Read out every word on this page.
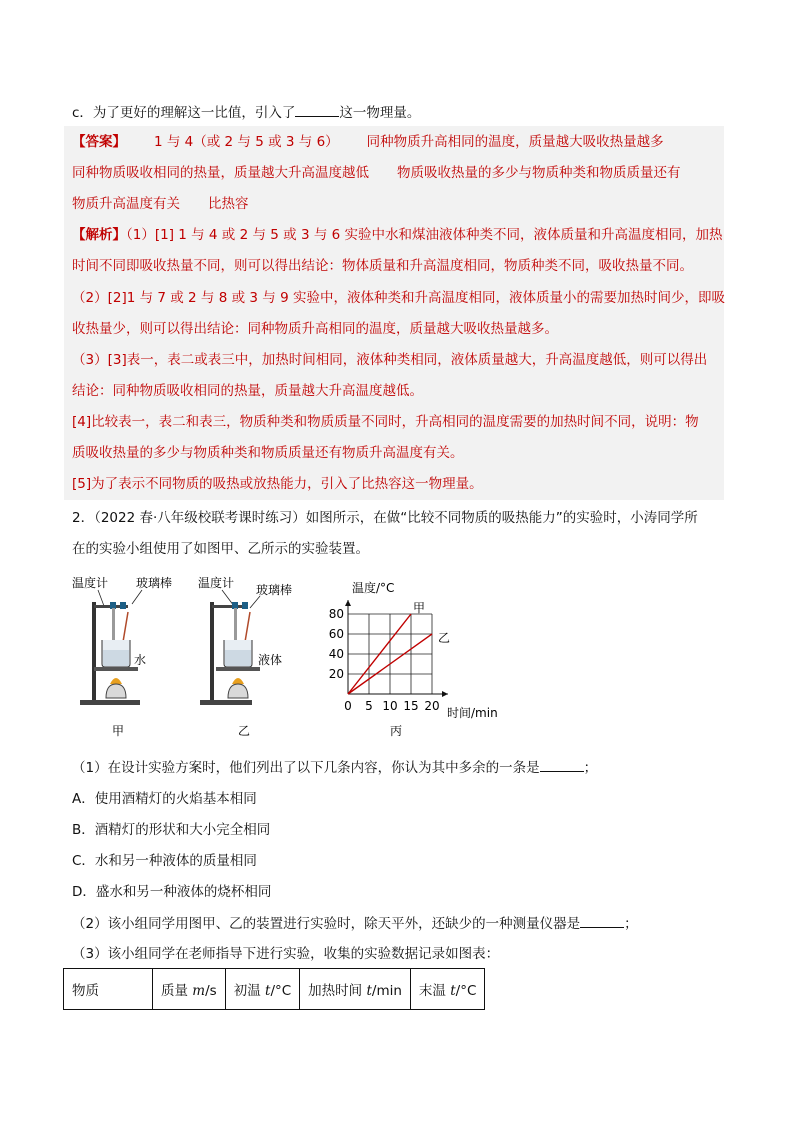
c．为了更好的理解这一比值，引入了	这一物理量。
【答案】 1 与 4（或 2 与 5 或 3 与 6） 同种物质升高相同的温度，质量越大吸收热量越多
同种物质吸收相同的热量，质量越大升高温度越低 物质吸收热量的多少与物质种类和物质质量还有
物质升高温度有关 比热容
【解析】（1）[1] 1 与 4 或 2 与 5 或 3 与 6 实验中水和煤油液体种类不同，液体质量和升高温度相同，加热
时间不同即吸收热量不同，则可以得出结论：物体质量和升高温度相同，物质种类不同，吸收热量不同。
（2）[2]1 与 7 或 2 与 8 或 3 与 9 实验中，液体种类和升高温度相同，液体质量小的需要加热时间少，即吸
收热量少，则可以得出结论：同种物质升高相同的温度，质量越大吸收热量越多。
（3）[3]表一，表二或表三中，加热时间相同，液体种类相同，液体质量越大，升高温度越低，则可以得出
结论：同种物质吸收相同的热量，质量越大升高温度越低。
[4]比较表一，表二和表三，物质种类和物质质量不同时，升高相同的温度需要的加热时间不同，说明：物
质吸收热量的多少与物质种类和物质质量还有物质升高温度有关。
[5]为了表示不同物质的吸热或放热能力，引入了比热容这一物理量。
2．（2022 春·八年级校联考课时练习）如图所示，在做“比较不同物质的吸热能力”的实验时，小涛同学所
在的实验小组使用了如图甲、乙所示的实验装置。
温度计 玻璃棒
水
甲
温度计 玻璃棒
液体
乙
温度/°C
时间/min
丙
0 5 10 15 20
20
40
60
80	甲
乙
（1）在设计实验方案时，他们列出了以下几条内容，你认为其中多余的一条是	；
A．使用酒精灯的火焰基本相同
B．酒精灯的形状和大小完全相同
C．水和另一种液体的质量相同
D．盛水和另一种液体的烧杯相同
（2）该小组同学用图甲、乙的装置进行实验时，除天平外，还缺少的一种测量仪器是	；
（3）该小组同学在老师指导下进行实验，收集的实验数据记录如图表：
物质	质量 m/s	初温 t/°C	加热时间 t/min	末温 t/°C
